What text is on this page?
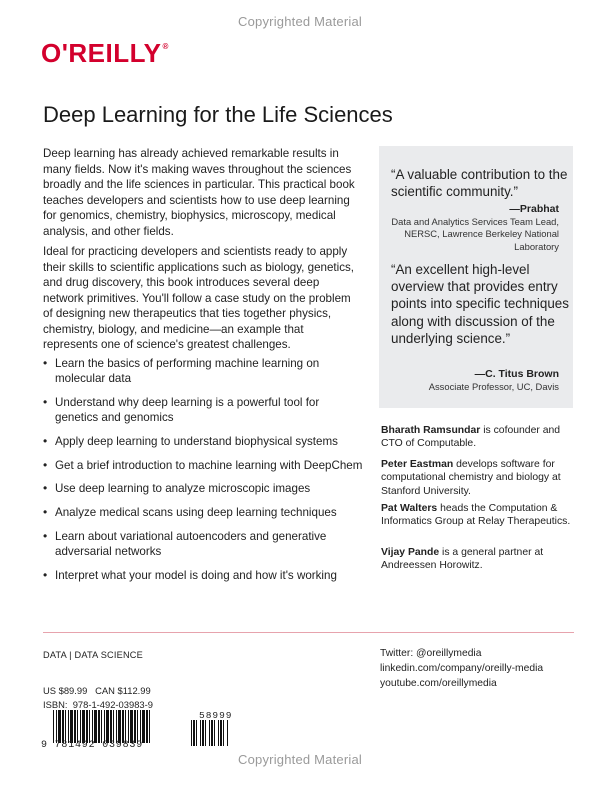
Copyrighted Material
O'REILLY®
Deep Learning for the Life Sciences

Deep learning has already achieved remarkable results in many fields. Now it's making waves throughout the sciences broadly and the life sciences in particular. This practical book teaches developers and scientists how to use deep learning for genomics, chemistry, biophysics, microscopy, medical analysis, and other fields.

Ideal for practicing developers and scientists ready to apply their skills to scientific applications such as biology, genetics, and drug discovery, this book introduces several deep network primitives. You'll follow a case study on the problem of designing new therapeutics that ties together physics, chemistry, biology, and medicine—an example that represents one of science's greatest challenges.

• Learn the basics of performing machine learning on molecular data
• Understand why deep learning is a powerful tool for genetics and genomics
• Apply deep learning to understand biophysical systems
• Get a brief introduction to machine learning with DeepChem
• Use deep learning to analyze microscopic images
• Analyze medical scans using deep learning techniques
• Learn about variational autoencoders and generative adversarial networks
• Interpret what your model is doing and how it's working

“A valuable contribution to the scientific community.”

—Prabhat
Data and Analytics Services Team Lead, NERSC, Lawrence Berkeley National Laboratory

“An excellent high-level overview that provides entry points into specific techniques along with discussion of the underlying science.”

—C. Titus Brown
Associate Professor, UC, Davis

Bharath Ramsundar is cofounder and CTO of Computable.

Peter Eastman develops software for computational chemistry and biology at Stanford University.

Pat Walters heads the Computation & Informatics Group at Relay Therapeutics.

Vijay Pande is a general partner at Andreessen Horowitz.

DATA | DATA SCIENCE	Twitter: @oreillymedia
linkedin.com/company/oreilly-media
youtube.com/oreillymedia
US $89.99   CAN $112.99
ISBN:  978-1-492-03983-9
58999
9 781492 039839
Copyrighted Material
